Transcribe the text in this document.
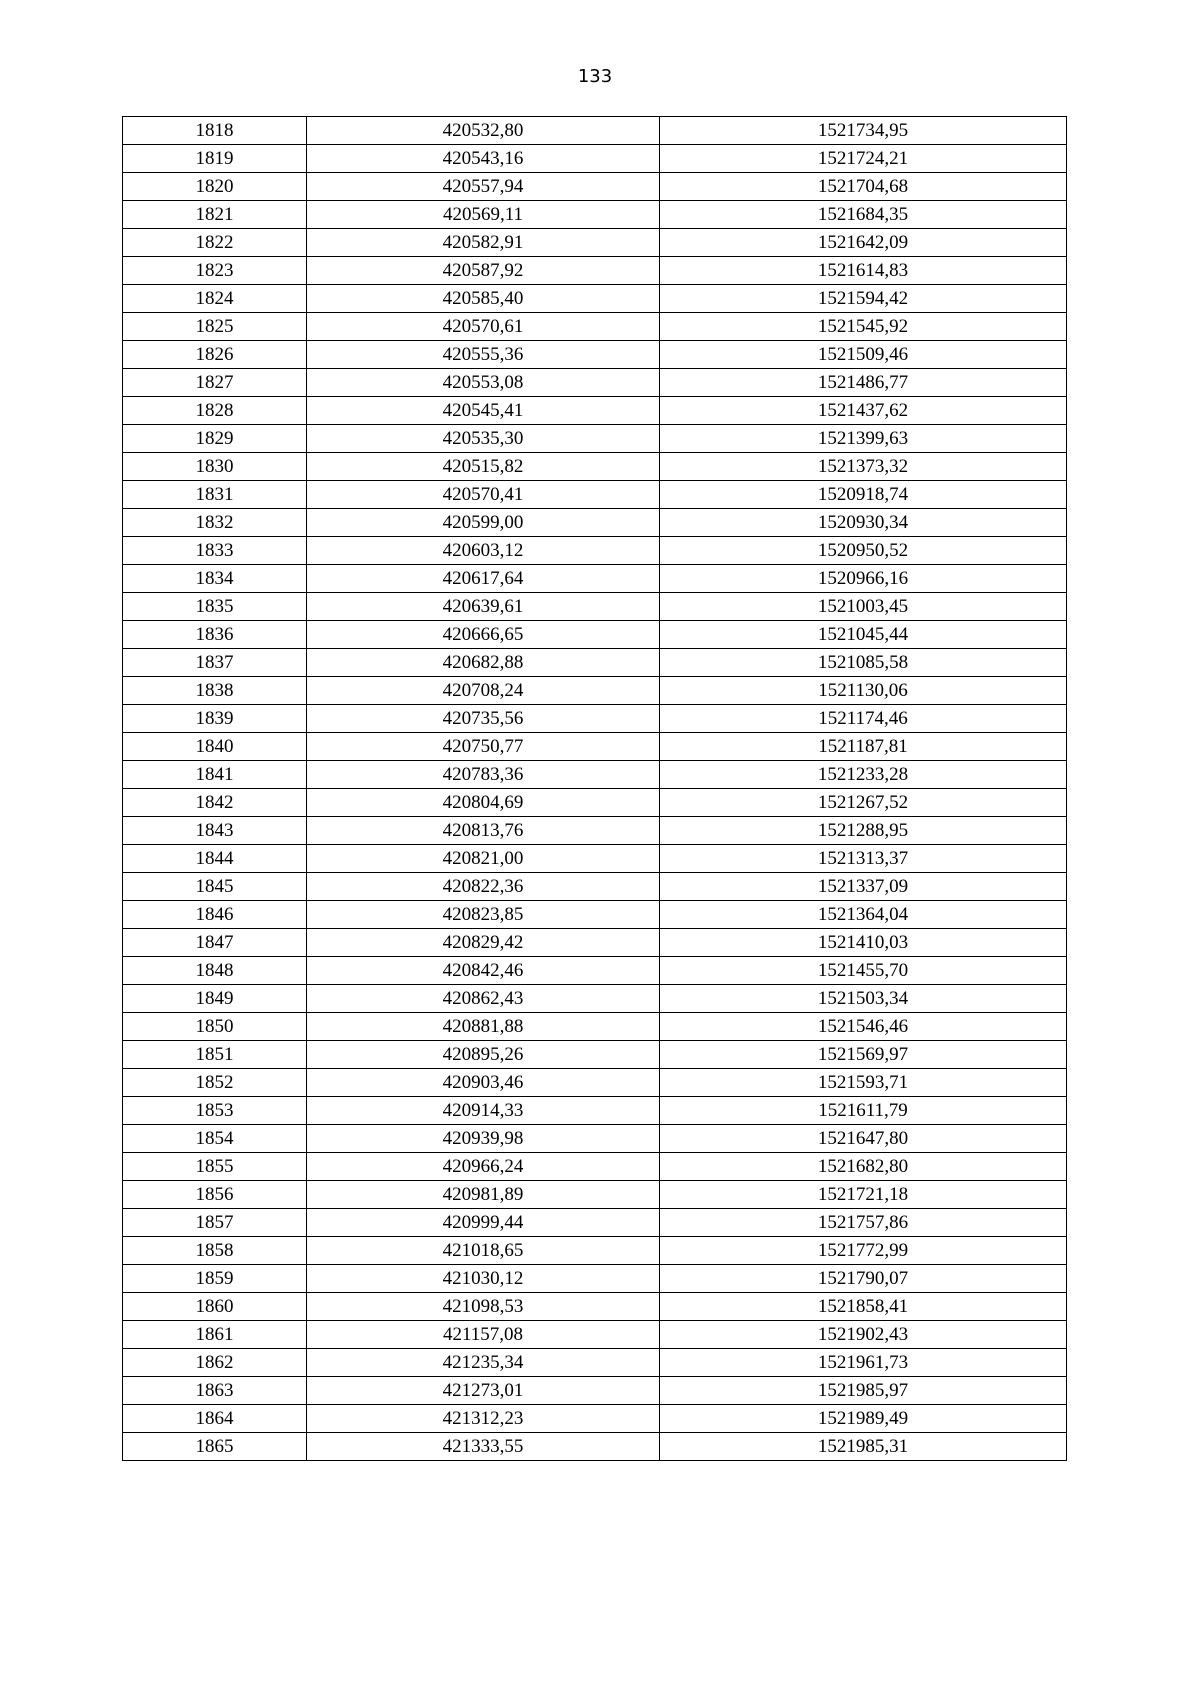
133
1818	420532,80	1521734,95
1819	420543,16	1521724,21
1820	420557,94	1521704,68
1821	420569,11	1521684,35
1822	420582,91	1521642,09
1823	420587,92	1521614,83
1824	420585,40	1521594,42
1825	420570,61	1521545,92
1826	420555,36	1521509,46
1827	420553,08	1521486,77
1828	420545,41	1521437,62
1829	420535,30	1521399,63
1830	420515,82	1521373,32
1831	420570,41	1520918,74
1832	420599,00	1520930,34
1833	420603,12	1520950,52
1834	420617,64	1520966,16
1835	420639,61	1521003,45
1836	420666,65	1521045,44
1837	420682,88	1521085,58
1838	420708,24	1521130,06
1839	420735,56	1521174,46
1840	420750,77	1521187,81
1841	420783,36	1521233,28
1842	420804,69	1521267,52
1843	420813,76	1521288,95
1844	420821,00	1521313,37
1845	420822,36	1521337,09
1846	420823,85	1521364,04
1847	420829,42	1521410,03
1848	420842,46	1521455,70
1849	420862,43	1521503,34
1850	420881,88	1521546,46
1851	420895,26	1521569,97
1852	420903,46	1521593,71
1853	420914,33	1521611,79
1854	420939,98	1521647,80
1855	420966,24	1521682,80
1856	420981,89	1521721,18
1857	420999,44	1521757,86
1858	421018,65	1521772,99
1859	421030,12	1521790,07
1860	421098,53	1521858,41
1861	421157,08	1521902,43
1862	421235,34	1521961,73
1863	421273,01	1521985,97
1864	421312,23	1521989,49
1865	421333,55	1521985,31
